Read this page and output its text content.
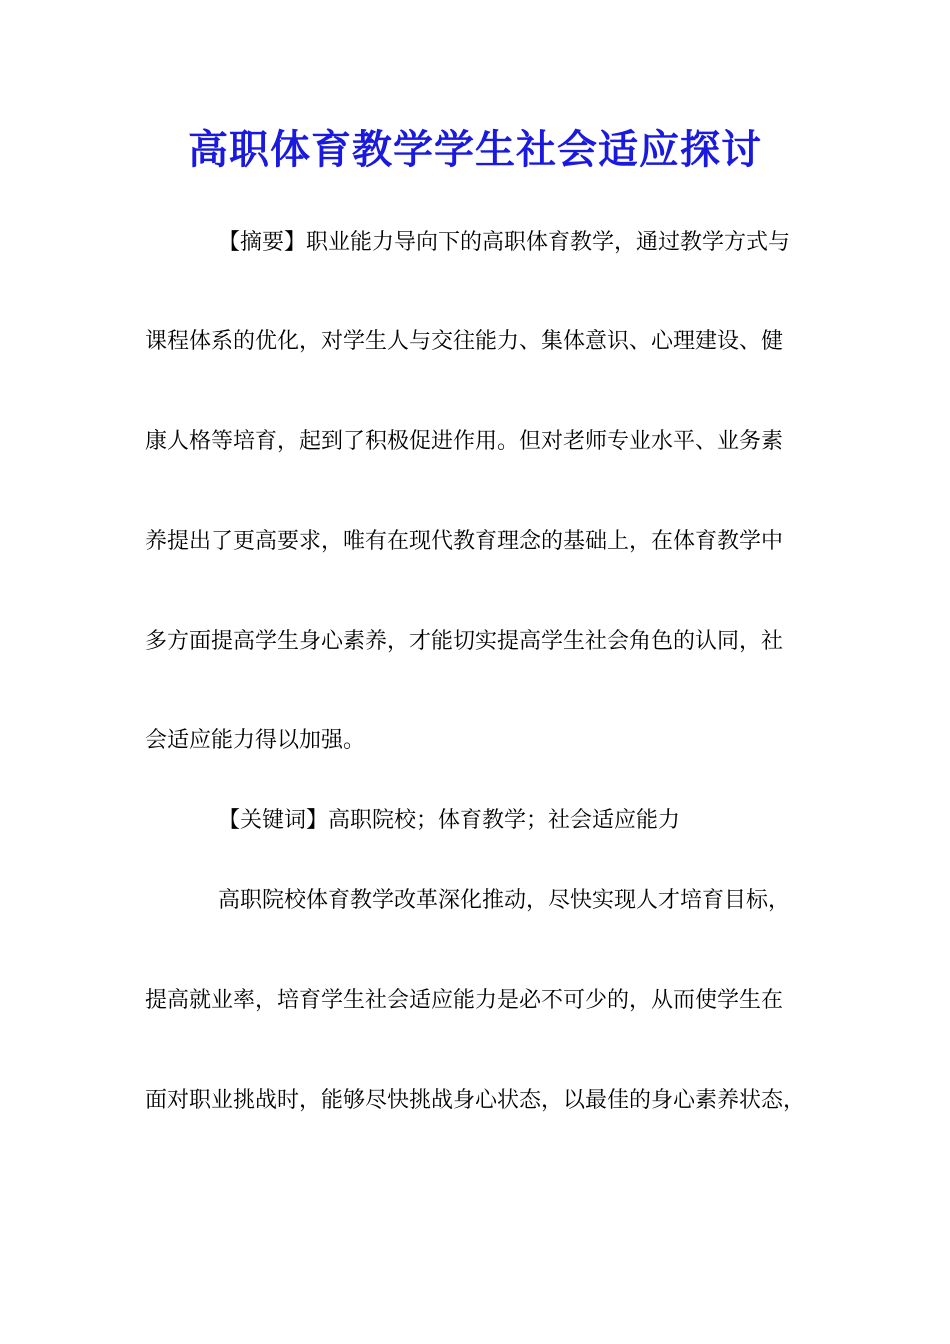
高职体育教学学生社会适应探讨

【摘要】职业能力导向下的高职体育教学，通过教学方式与

课程体系的优化，对学生人与交往能力、集体意识、心理建设、健

康人格等培育，起到了积极促进作用。但对老师专业水平、业务素

养提出了更高要求，唯有在现代教育理念的基础上，在体育教学中

多方面提高学生身心素养，才能切实提高学生社会角色的认同，社

会适应能力得以加强。

【关键词】高职院校；体育教学；社会适应能力

高职院校体育教学改革深化推动，尽快实现人才培育目标，

提高就业率，培育学生社会适应能力是必不可少的，从而使学生在

面对职业挑战时，能够尽快挑战身心状态，以最佳的身心素养状态，
